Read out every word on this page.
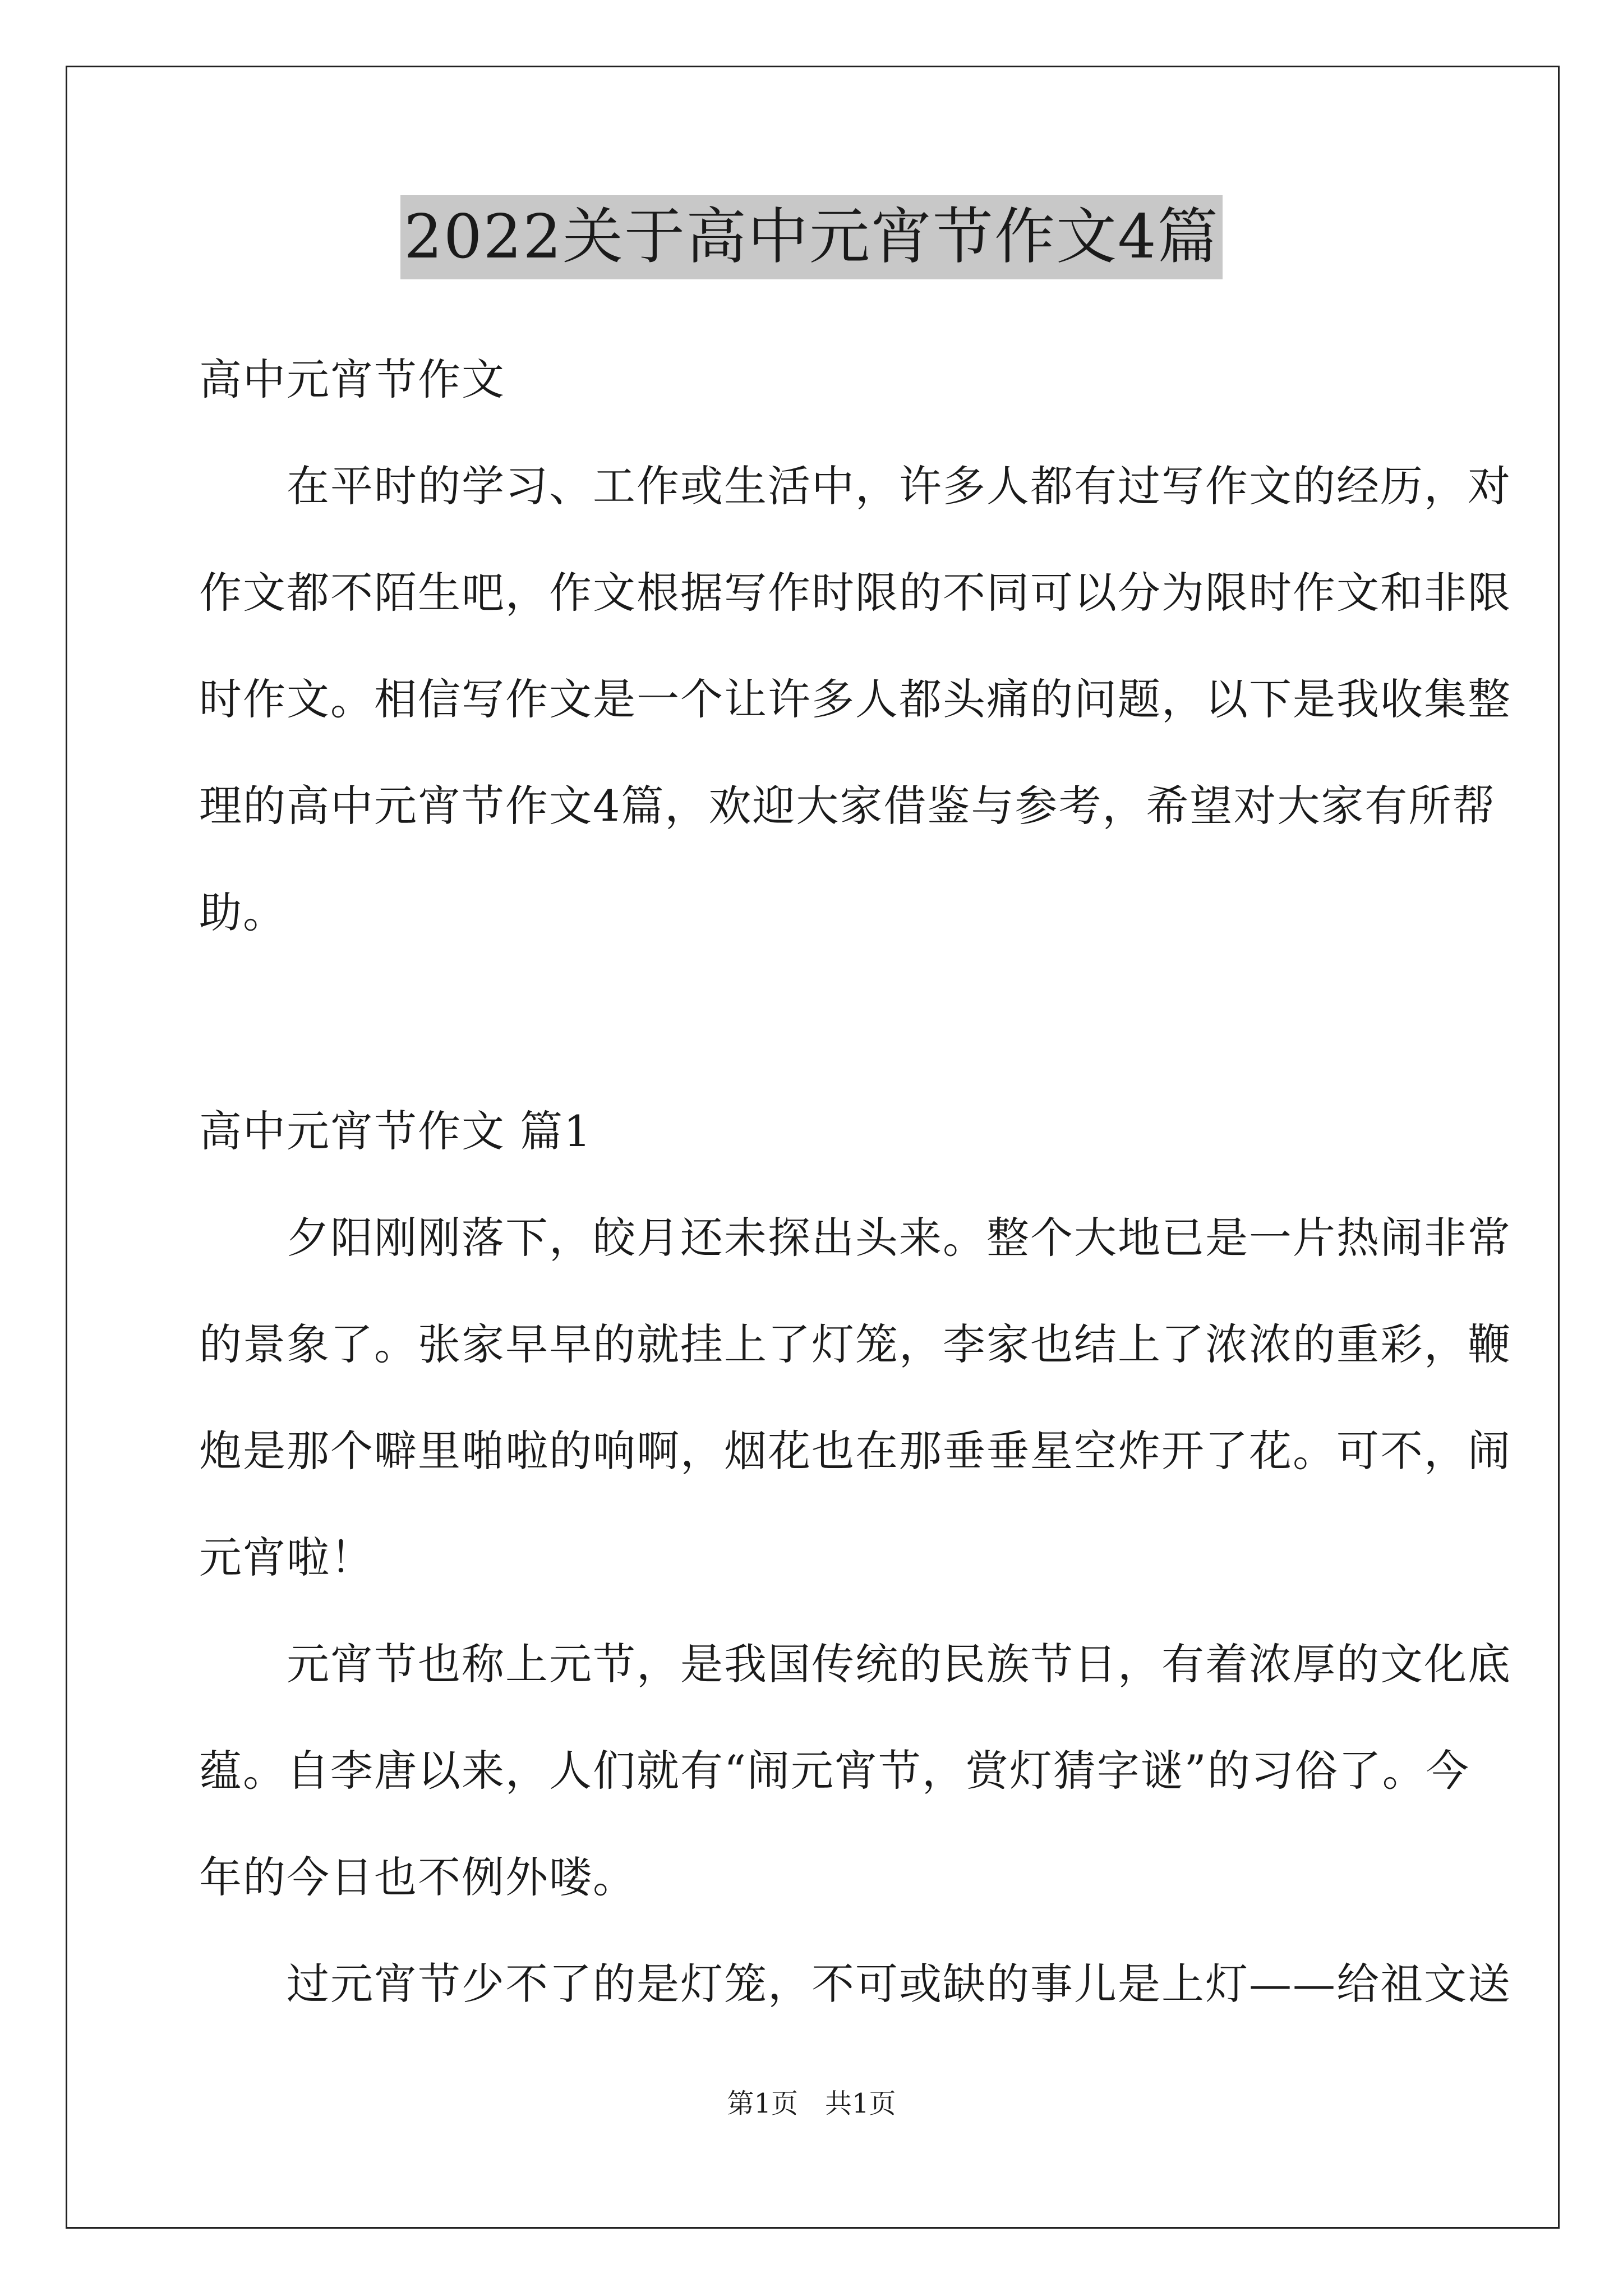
2022关于高中元宵节作文4篇
高中元宵节作文
　　在平时的学习、工作或生活中，许多人都有过写作文的经历，对
作文都不陌生吧，作文根据写作时限的不同可以分为限时作文和非限
时作文。相信写作文是一个让许多人都头痛的问题，以下是我收集整
理的高中元宵节作文4篇，欢迎大家借鉴与参考，希望对大家有所帮
助。
高中元宵节作文 篇1
　　夕阳刚刚落下，皎月还未探出头来。整个大地已是一片热闹非常
的景象了。张家早早的就挂上了灯笼，李家也结上了浓浓的重彩，鞭
炮是那个噼里啪啦的响啊，烟花也在那垂垂星空炸开了花。可不，闹
元宵啦！
　　元宵节也称上元节，是我国传统的民族节日，有着浓厚的文化底
蕴。自李唐以来，人们就有“闹元宵节，赏灯猜字谜”的习俗了。今
年的今日也不例外喽。
　　过元宵节少不了的是灯笼，不可或缺的事儿是上灯——给祖文送
第1页　共1页
